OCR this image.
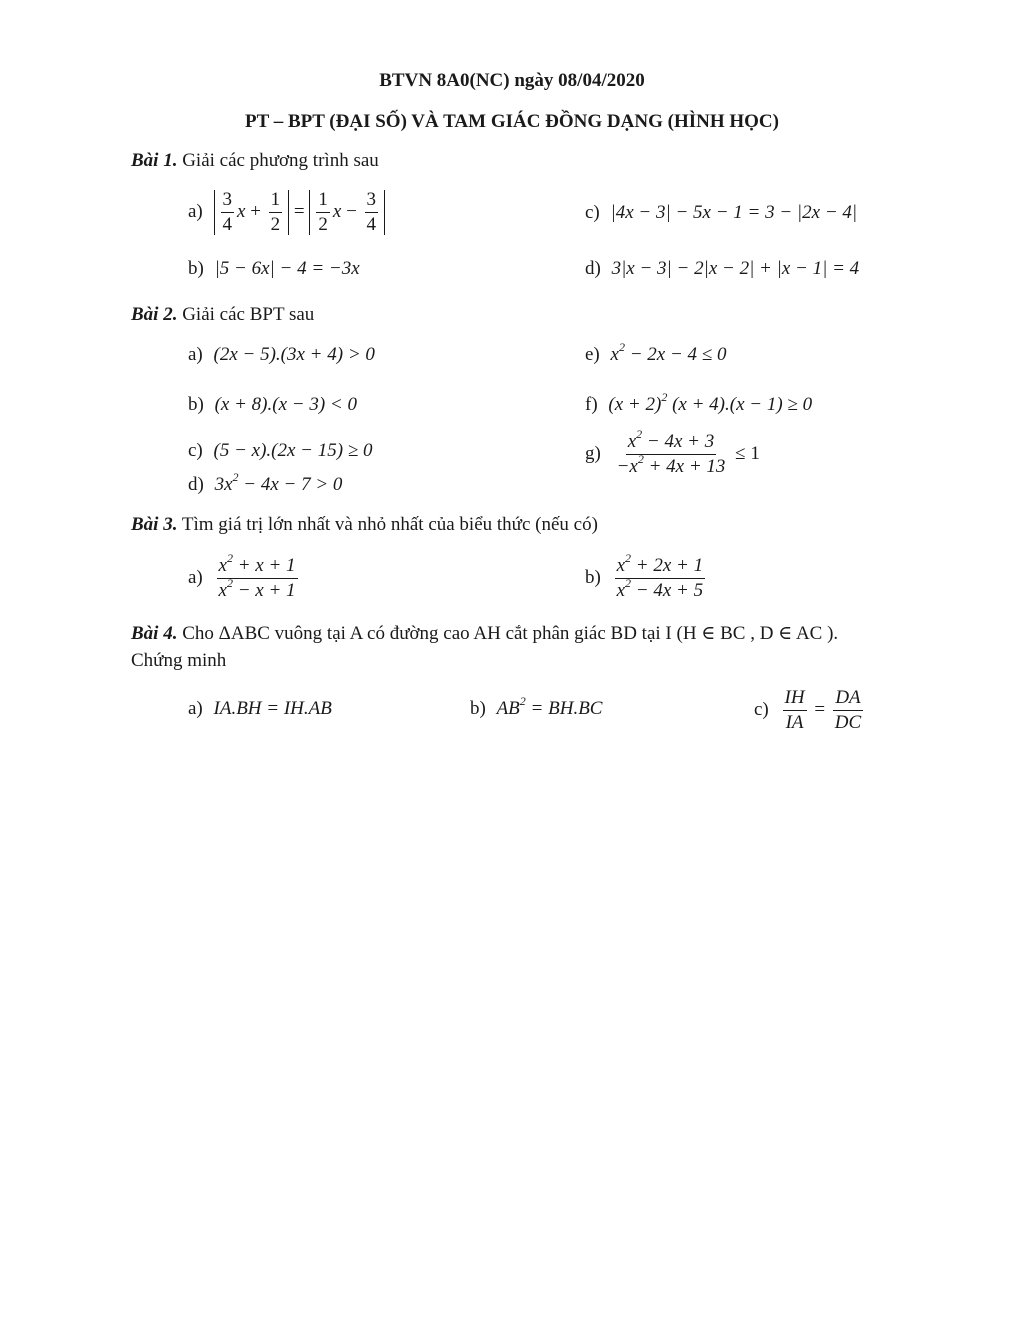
BTVN 8A0(NC) ngày 08/04/2020
PT – BPT (ĐẠI SỐ) VÀ TAM GIÁC ĐỒNG DẠNG (HÌNH HỌC)
Bài 1. Giải các phương trình sau
$a) \frac{3}{4}$ $x + \frac{1}{2} = \frac{1}{2}$ $x - \frac{3}{4}$	c) |4x − 3| − 5x − 1 = 3 − |2x − 4|
b) |5 − 6x| − 4 = −3x	d) 3|x − 3| − 2|x − 2| + |x − 1| = 4
Bài 2. Giải các BPT sau
a) (2x − 5).(3x + 4) > 0	e) $x^2 - 2x - 4 \le 0$
b) (x + 8).(x − 3) < 0	f) $(x + 2)^2$ (x + 4).(x − 1) ≥ 0
c) (5 − x).(2x − 15) ≥ 0	$g) \frac{x^2 - 4x + 3}{-x^2 + 4x + 13} \le 1$
d) $3x^2 - 4x - 7 > 0$
Bài 3. Tìm giá trị lớn nhất và nhỏ nhất của biểu thức (nếu có)
$a) \frac{x^2 + x + 1}{x^2 - x + 1}$	$b) \frac{x^2 + 2x + 1}{x^2 - 4x + 5}$
Bài 4. Cho ΔABC vuông tại A có đường cao AH cắt phân giác BD tại I (H ∈ BC , D ∈ AC ).
Chứng minh
a) IA.BH = IH.AB	b) $AB^2 = BH.BC$	$c) \frac{IH}{IA} = \frac{DA}{DC}$
